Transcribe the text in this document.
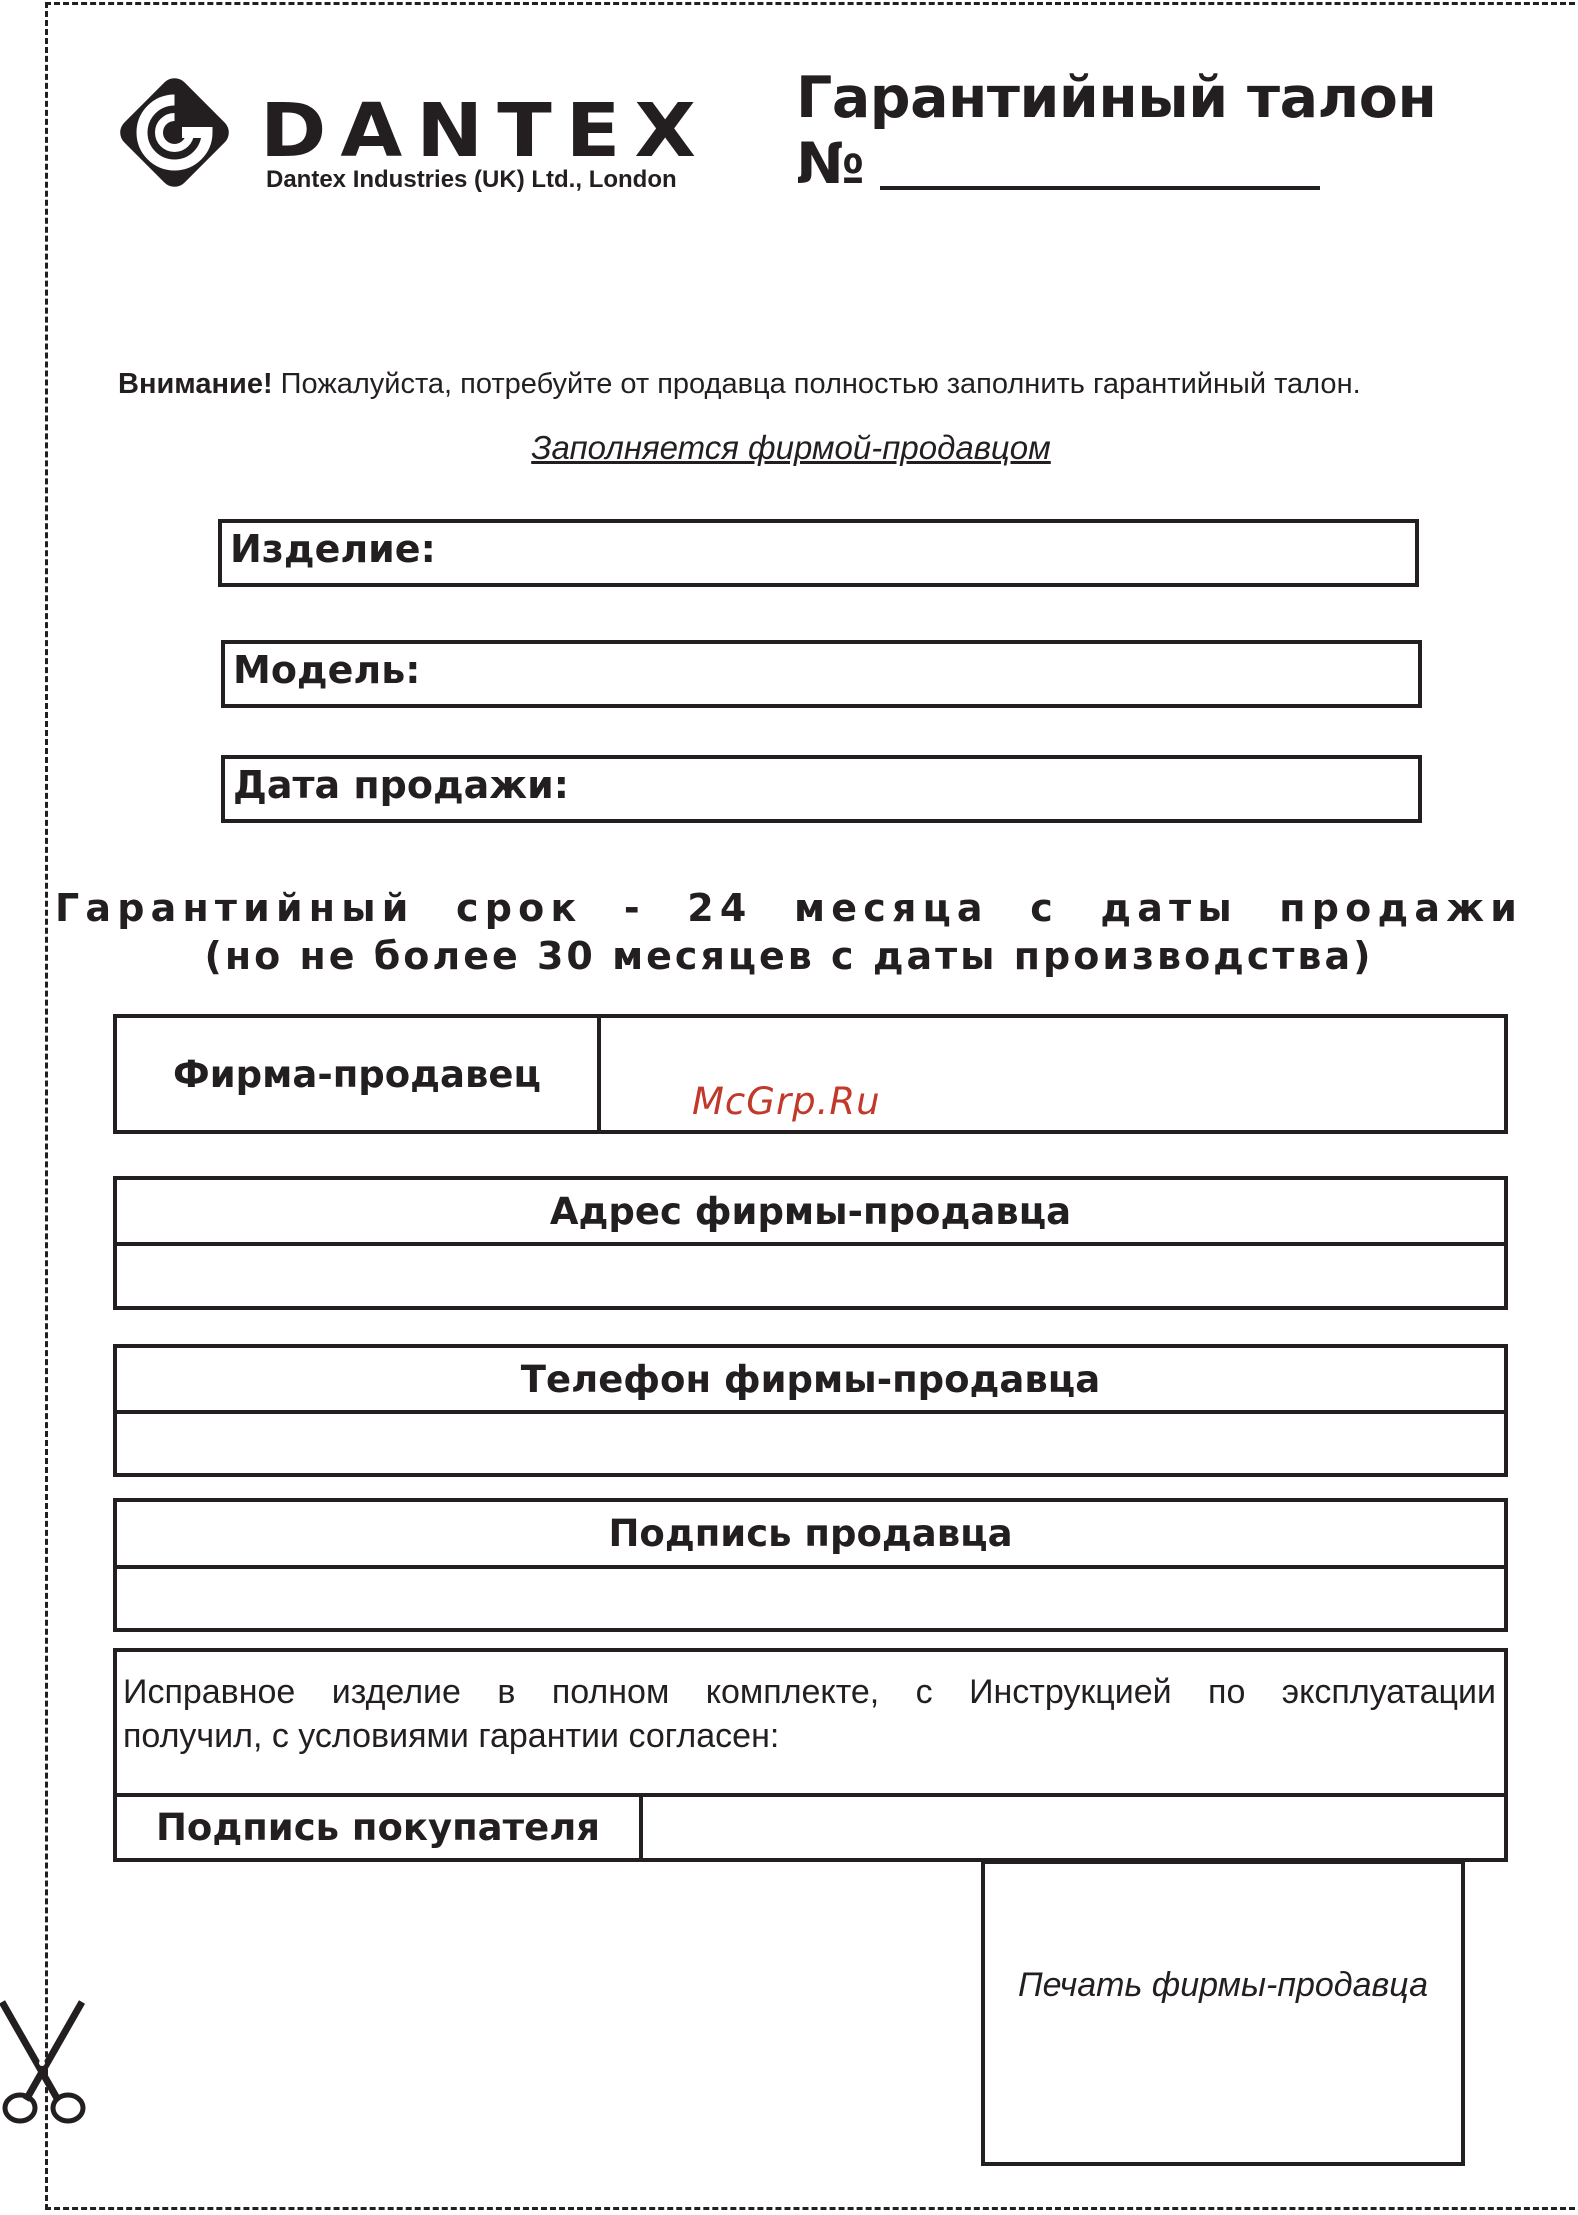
DANTEX
Dantex Industries (UK) Ltd., London
Гарантийный талон
№
Внимание! Пожалуйста, потребуйте от продавца полностью заполнить гарантийный талон.
Заполняется фирмой-продавцом
Изделие:
Модель:
Дата продажи:
Гарантийный срок - 24 месяца с даты продажи
(но не более 30 месяцев с даты производства)
Фирма-продавец
McGrp.Ru
Адрес фирмы-продавца
Телефон фирмы-продавца
Подпись продавца
Исправное изделие в полном комплекте, с Инструкцией по эксплуатации
получил, с условиями гарантии согласен:
Подпись покупателя
Печать фирмы-продавца
